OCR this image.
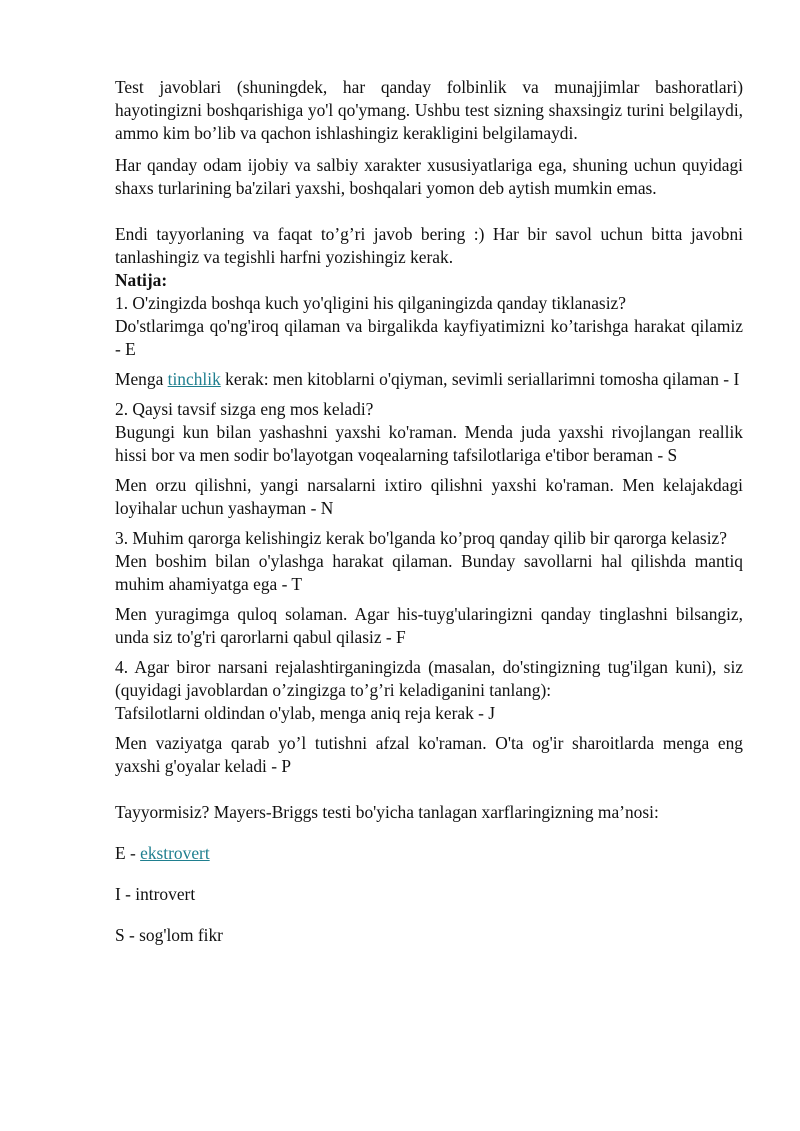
Test javoblari (shuningdek, har qanday folbinlik va munajjimlar bashoratlari) hayotingizni boshqarishiga yo'l qo'ymang. Ushbu test sizning shaxsingiz turini belgilaydi, ammo kim bo’lib va qachon ishlashingiz kerakligini belgilamaydi.

Har qanday odam ijobiy va salbiy xarakter xususiyatlariga ega, shuning uchun quyidagi shaxs turlarining ba'zilari yaxshi, boshqalari yomon deb aytish mumkin emas.

Endi tayyorlaning va faqat to’g’ri javob bering :) Har bir savol uchun bitta javobni tanlashingiz va tegishli harfni yozishingiz kerak.

Natija:

1. O'zingizda boshqa kuch yo'qligini his qilganingizda qanday tiklanasiz?

Do'stlarimga qo'ng'iroq qilaman va birgalikda kayfiyatimizni ko’tarishga harakat qilamiz - E

Menga tinchlik kerak: men kitoblarni o'qiyman, sevimli seriallarimni tomosha qilaman - I

2. Qaysi tavsif sizga eng mos keladi?

Bugungi kun bilan yashashni yaxshi ko'raman. Menda juda yaxshi rivojlangan reallik hissi bor va men sodir bo'layotgan voqealarning tafsilotlariga e'tibor beraman - S

Men orzu qilishni, yangi narsalarni ixtiro qilishni yaxshi ko'raman. Men kelajakdagi loyihalar uchun yashayman - N

3. Muhim qarorga kelishingiz kerak bo'lganda ko’proq qanday qilib bir qarorga kelasiz?

Men boshim bilan o'ylashga harakat qilaman. Bunday savollarni hal qilishda mantiq muhim ahamiyatga ega - T

Men yuragimga quloq solaman. Agar his-tuyg'ularingizni qanday tinglashni bilsangiz, unda siz to'g'ri qarorlarni qabul qilasiz - F

4. Agar biror narsani rejalashtirganingizda (masalan, do'stingizning tug'ilgan kuni), siz (quyidagi javoblardan o’zingizga to’g’ri keladiganini tanlang):

Tafsilotlarni oldindan o'ylab, menga aniq reja kerak - J

Men vaziyatga qarab yo’l tutishni afzal ko'raman. O'ta og'ir sharoitlarda menga eng yaxshi g'oyalar keladi - P

Tayyormisiz? Mayers-Briggs testi bo'yicha tanlagan xarflaringizning ma’nosi:

E - ekstrovert

I - introvert

S - sog'lom fikr
